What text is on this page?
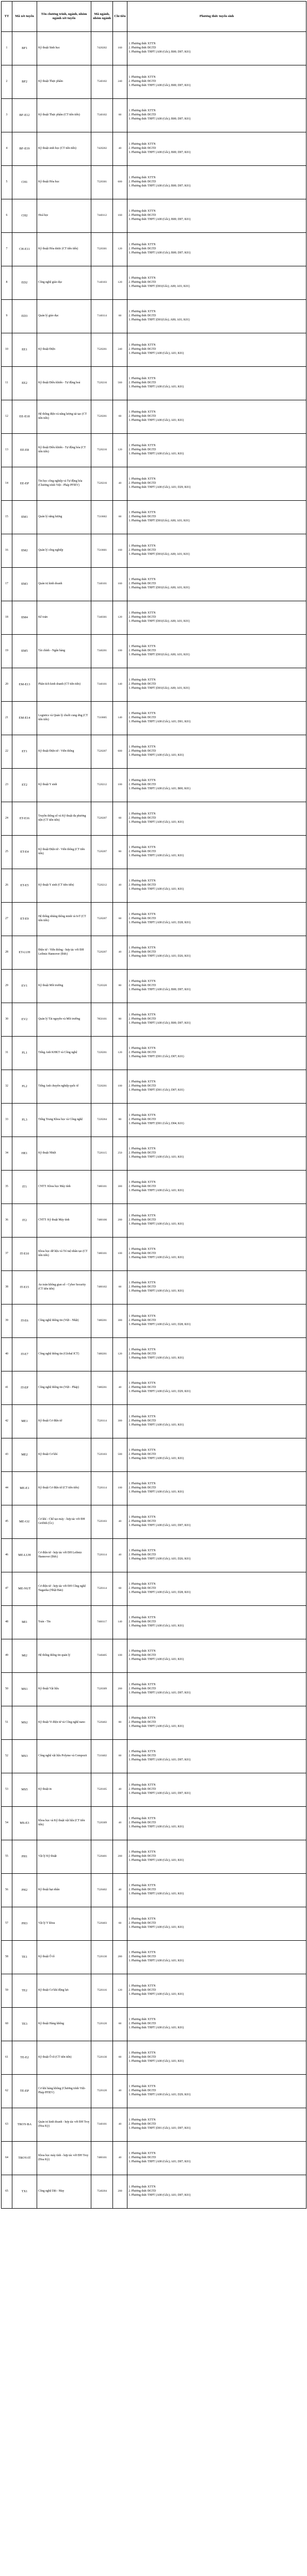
TT	Mã xét tuyển	Tên chương trình, ngành, nhóm ngành xét tuyển	Mã ngành, nhóm ngành	Chỉ tiêu	Phương thức tuyển sinh
1	BF1	Kỹ thuật Sinh học	7420202	160	1. Phương thức XTTN
2. Phương thức ĐGTD
3. Phương thức THPT (A00 (Gốc); B00; D07; K01)

2	BF2	Kỹ thuật Thực phẩm	7540102	240	1. Phương thức XTTN
2. Phương thức ĐGTD
3. Phương thức THPT (A00 (Gốc); B00; D07; K01)

3	BF-E12	Kỹ thuật Thực phẩm (CT tiên tiến)	7540102	60	1. Phương thức XTTN
2. Phương thức ĐGTD
3. Phương thức THPT (A00 (Gốc); B00; D07; K01)

4	BF-E19	Kỹ thuật sinh học (CT tiên tiến)	7420202	40	1. Phương thức XTTN
2. Phương thức ĐGTD
3. Phương thức THPT (A00 (Gốc); B00; D07; K01)

5	CH1	Kỹ thuật Hóa học	7520301	600	1. Phương thức XTTN
2. Phương thức ĐGTD
3. Phương thức THPT (A00 (Gốc); B00; D07; K01)

6	CH2	Hoá học	7440112	160	1. Phương thức XTTN
2. Phương thức ĐGTD
3. Phương thức THPT (A00 (Gốc); B00; D07; K01)

7	CH-E11	Kỹ thuật Hóa dược (CT tiên tiến)	7520301	120	1. Phương thức XTTN
2. Phương thức ĐGTD
3. Phương thức THPT (A00 (Gốc); B00; D07; K01)

8	ED2	Công nghệ giáo dục	7140103	120	1. Phương thức XTTN
2. Phương thức ĐGTD
3. Phương thức THPT (D01(Gốc); A00; A01; K01)

9	ED3	Quản lý giáo dục	7140114	60	1. Phương thức XTTN
2. Phương thức ĐGTD
3. Phương thức THPT (D01(Gốc); A00; A01; K01)

10	EE1	Kỹ thuật Điện	7520201	240	1. Phương thức XTTN
2. Phương thức ĐGTD
3. Phương thức THPT (A00 (Gốc); A01; K01)

11	EE2	Kỹ thuật Điều khiển - Tự động hoá	7520216	560	1. Phương thức XTTN
2. Phương thức ĐGTD
3. Phương thức THPT (A00 (Gốc); A01; K01)

12	EE-E18	Hệ thống điện và năng lượng tái tạo (CT tiên tiến)	7520201	60	1. Phương thức XTTN
2. Phương thức ĐGTD
3. Phương thức THPT (A00 (Gốc); A01; K01)

13	EE-E8	Kỹ thuật Điều khiển - Tự động hóa (CT tiên tiến)	7520216	120	1. Phương thức XTTN
2. Phương thức ĐGTD
3. Phương thức THPT (A00 (Gốc); A01; K01)

14	EE-EP	Tin học công nghiệp và Tự động hóa (Chương trình Việt - Pháp PFIEV)	7520216	40	1. Phương thức XTTN
2. Phương thức ĐGTD
3. Phương thức THPT (A00 (Gốc); A01; D29; K01)

15	EM1	Quản lý năng lượng	7510602	60	1. Phương thức XTTN
2. Phương thức ĐGTD
3. Phương thức THPT (D01(Gốc); A00; A01; K01)

16	EM2	Quản lý công nghiệp	7510601	160	1. Phương thức XTTN
2. Phương thức ĐGTD
3. Phương thức THPT (D01(Gốc); A00; A01; K01)

17	EM3	Quản trị kinh doanh	7340101	160	1. Phương thức XTTN
2. Phương thức ĐGTD
3. Phương thức THPT (D01(Gốc); A00; A01; K01)

18	EM4	Kế toán	7340301	120	1. Phương thức XTTN
2. Phương thức ĐGTD
3. Phương thức THPT (D01(Gốc); A00; A01; K01)

19	EM5	Tài chính - Ngân hàng	7340201	100	1. Phương thức XTTN
2. Phương thức ĐGTD
3. Phương thức THPT (D01(Gốc); A00; A01; K01)

20	EM-E13	Phân tích kinh doanh (CT tiên tiến)	7340101	140	1. Phương thức XTTN
2. Phương thức ĐGTD
3. Phương thức THPT (D01(Gốc); A00; A01; K01)

21	EM-E14	Logistics và Quản lý chuỗi cung ứng (CT tiên tiến)	7510605	140	1. Phương thức XTTN
2. Phương thức ĐGTD
3. Phương thức THPT (A00 (Gốc); A01; D01; K01)

22	ET1	Kỹ thuật Điện tử - Viễn thông	7520207	600	1. Phương thức XTTN
2. Phương thức ĐGTD
3. Phương thức THPT (A00 (Gốc); A01; K01)

23	ET2	Kỹ thuật Y sinh	7520212	100	1. Phương thức XTTN
2. Phương thức ĐGTD
3. Phương thức THPT (A00 (Gốc); A01; B00; K01)

24	ET-E16	Truyền thông số và Kỹ thuật đa phương tiện (CT tiên tiến)	7520207	60	1. Phương thức XTTN
2. Phương thức ĐGTD
3. Phương thức THPT (A00 (Gốc); A01; K01)

25	ET-E4	Kỹ thuật Điện tử - Viễn thông (CT tiên tiến)	7520207	80	1. Phương thức XTTN
2. Phương thức ĐGTD
3. Phương thức THPT (A00 (Gốc); A01; K01)

26	ET-E5	Kỹ thuật Y sinh (CT tiên tiến)	7520212	40	1. Phương thức XTTN
2. Phương thức ĐGTD
3. Phương thức THPT (A00 (Gốc); A01; K01)

27	ET-E9	Hệ thống nhúng thông minh và IoT (CT tiên tiến)	7520207	60	1. Phương thức XTTN
2. Phương thức ĐGTD
3. Phương thức THPT (A00 (Gốc); A01; D28; K01)

28	ET-LUH	Điện tử - Viễn thông - hợp tác với ĐH Leibniz Hannover (Đức)	7520207	40	1. Phương thức XTTN
2. Phương thức ĐGTD
3. Phương thức THPT (A00 (Gốc); A01; D26; K01)

29	EV1	Kỹ thuật Môi trường	7520320	80	1. Phương thức XTTN
2. Phương thức ĐGTD
3. Phương thức THPT (A00 (Gốc); B00; D07; K01)

30	EV2	Quản lý Tài nguyên và Môi trường	7850101	80	1. Phương thức XTTN
2. Phương thức ĐGTD
3. Phương thức THPT (A00 (Gốc); B00; D07; K01)

31	FL1	Tiếng Anh KHKT và Công nghệ	7220201	120	1. Phương thức XTTN
2. Phương thức ĐGTD
3. Phương thức THPT (D01 (Gốc); D07; K01)

32	FL2	Tiếng Anh chuyên nghiệp quốc tế	7220201	100	1. Phương thức XTTN
2. Phương thức ĐGTD
3. Phương thức THPT (D01 (Gốc); D07; K01)

33	FL3	Tiếng Trung Khoa học và Công nghệ	7220204	80	1. Phương thức XTTN
2. Phương thức ĐGTD
3. Phương thức THPT (D01 (Gốc); D04; K01)

34	HE1	Kỹ thuật Nhiệt	7520115	250	1. Phương thức XTTN
2. Phương thức ĐGTD
3. Phương thức THPT (A00 (Gốc); A01; K01)

35	IT1	CNTT: Khoa học Máy tính	7480101	300	1. Phương thức XTTN
2. Phương thức ĐGTD
3. Phương thức THPT (A00 (Gốc); A01; K01)

36	IT2	CNTT: Kỹ thuật Máy tính	7480106	200	1. Phương thức XTTN
2. Phương thức ĐGTD
3. Phương thức THPT (A00 (Gốc); A01; K01)

37	IT-E10	Khoa học dữ liệu và Trí tuệ nhân tạo (CT tiên tiến)	7480101	100	1. Phương thức XTTN
2. Phương thức ĐGTD
3. Phương thức THPT (A00 (Gốc); A01; K01)

38	IT-E15	An toàn không gian số - Cyber Security (CT tiên tiến)	7480102	60	1. Phương thức XTTN
2. Phương thức ĐGTD
3. Phương thức THPT (A00 (Gốc); A01; K01)

39	IT-E6	Công nghệ thông tin (Việt - Nhật)	7480201	300	1. Phương thức XTTN
2. Phương thức ĐGTD
3. Phương thức THPT (A00 (Gốc); A01; D28; K01)

40	IT-E7	Công nghệ thông tin (Global ICT)	7480201	120	1. Phương thức XTTN
2. Phương thức ĐGTD
3. Phương thức THPT (A00 (Gốc); A01; K01)

41	IT-EP	Công nghệ thông tin (Việt - Pháp)	7480201	40	1. Phương thức XTTN
2. Phương thức ĐGTD
3. Phương thức THPT (A00 (Gốc); A01; D29; K01)

42	ME1	Kỹ thuật Cơ điện tử	7520114	300	1. Phương thức XTTN
2. Phương thức ĐGTD
3. Phương thức THPT (A00 (Gốc); A01; K01)

43	ME2	Kỹ thuật Cơ khí	7520103	500	1. Phương thức XTTN
2. Phương thức ĐGTD
3. Phương thức THPT (A00 (Gốc); A01; K01)

44	ME-E1	Kỹ thuật Cơ điện tử (CT tiên tiến)	7520114	100	1. Phương thức XTTN
2. Phương thức ĐGTD
3. Phương thức THPT (A00 (Gốc); A01; K01)

45	ME-GU	Cơ khí - Chế tạo máy - hợp tác với ĐH Griffith (Úc)	7520103	40	1. Phương thức XTTN
2. Phương thức ĐGTD
3. Phương thức THPT (A00 (Gốc); A01; D07; K01)

46	ME-LUH	Cơ điện tử - hợp tác với ĐH Leibniz Hannover (Đức)	7520114	40	1. Phương thức XTTN
2. Phương thức ĐGTD
3. Phương thức THPT (A00 (Gốc); A01; D26; K01)

47	ME-NUT	Cơ điện tử - hợp tác với ĐH Công nghệ Nagaoka (Nhật Bản)	7520114	60	1. Phương thức XTTN
2. Phương thức ĐGTD
3. Phương thức THPT (A00 (Gốc); A01; D28; K01)

48	MI1	Toán - Tin	7460117	140	1. Phương thức XTTN
2. Phương thức ĐGTD
3. Phương thức THPT (A00 (Gốc); A01; K01)

49	MI2	Hệ thống thông tin quản lý	7340405	100	1. Phương thức XTTN
2. Phương thức ĐGTD
3. Phương thức THPT (A00 (Gốc); A01; K01)

50	MS1	Kỹ thuật Vật liệu	7520309	200	1. Phương thức XTTN
2. Phương thức ĐGTD
3. Phương thức THPT (A00 (Gốc); A01; D07; K01)

51	MS2	Kỹ thuật Vi điện tử và Công nghệ nano	7520402	80	1. Phương thức XTTN
2. Phương thức ĐGTD
3. Phương thức THPT (A00 (Gốc); A01; K01)

52	MS3	Công nghệ vật liệu Polyme và Compozit	7510402	60	1. Phương thức XTTN
2. Phương thức ĐGTD
3. Phương thức THPT (A00 (Gốc); A01; D07; K01)

53	MS5	Kỹ thuật in	7520105	40	1. Phương thức XTTN
2. Phương thức ĐGTD
3. Phương thức THPT (A00 (Gốc); A01; D07; K01)

54	MS-E3	Khoa học và Kỹ thuật vật liệu (CT tiên tiến)	7520309	40	1. Phương thức XTTN
2. Phương thức ĐGTD
3. Phương thức THPT (A00 (Gốc); A01; K01)

55	PH1	Vật lý Kỹ thuật	7520401	200	1. Phương thức XTTN
2. Phương thức ĐGTD
3. Phương thức THPT (A00 (Gốc); A01; K01)

56	PH2	Kỹ thuật hạt nhân	7520402	40	1. Phương thức XTTN
2. Phương thức ĐGTD
3. Phương thức THPT (A00 (Gốc); A01; K01)

57	PH3	Vật lý Y khoa	7520403	60	1. Phương thức XTTN
2. Phương thức ĐGTD
3. Phương thức THPT (A00 (Gốc); A01; K01)

58	TE1	Kỹ thuật Ô tô	7520130	280	1. Phương thức XTTN
2. Phương thức ĐGTD
3. Phương thức THPT (A00 (Gốc); A01; K01)

59	TE2	Kỹ thuật Cơ khí động lực	7520116	120	1. Phương thức XTTN
2. Phương thức ĐGTD
3. Phương thức THPT (A00 (Gốc); A01; K01)

60	TE3	Kỹ thuật Hàng không	7520120	60	1. Phương thức XTTN
2. Phương thức ĐGTD
3. Phương thức THPT (A00 (Gốc); A01; K01)

61	TE-E2	Kỹ thuật Ô tô (CT tiên tiến)	7520130	60	1. Phương thức XTTN
2. Phương thức ĐGTD
3. Phương thức THPT (A00 (Gốc); A01; K01)

62	TE-EP	Cơ khí hàng không (Chương trình Việt-Pháp PFIEV)	7520120	40	1. Phương thức XTTN
2. Phương thức ĐGTD
3. Phương thức THPT (A00 (Gốc); A01; D29; K01)

63	TROY-BA	Quản trị kinh doanh - hợp tác với ĐH Troy (Hoa Kỳ)	7340101	40	1. Phương thức XTTN
2. Phương thức ĐGTD
3. Phương thức THPT (D01 (Gốc); A01; D07; K01)

64	TROY-IT	Khoa học máy tính - hợp tác với ĐH Troy (Hoa Kỳ)	7480101	40	1. Phương thức XTTN
2. Phương thức ĐGTD
3. Phương thức THPT (A00 (Gốc); A01; D07; K01)

65	TX1	Công nghệ Dệt - May	7540204	200	1. Phương thức XTTN
2. Phương thức ĐGTD
3. Phương thức THPT (A00 (Gốc); A01; D07; K01)
